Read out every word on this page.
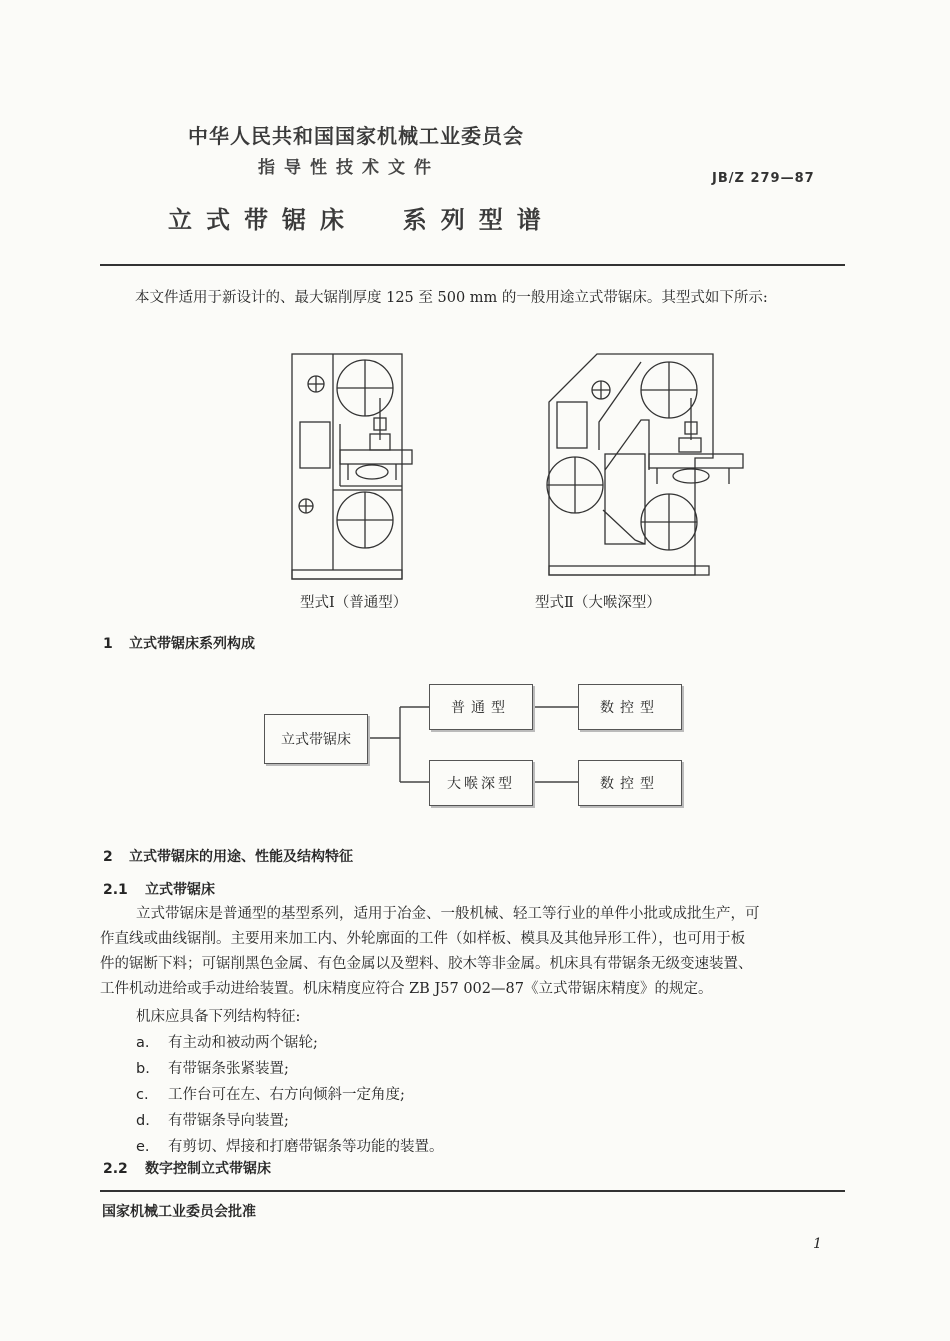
中华人民共和国国家机械工业委员会
指导性技术文件
JB/Z 279—87
立式带锯床  系列型谱
本文件适用于新设计的、最大锯削厚度 125 至 500 mm 的一般用途立式带锯床。其型式如下所示:
型式Ⅰ（普通型）	型式Ⅱ（大喉深型）
1 立式带锯床系列构成
立式带锯床
普通型	数控型
大喉深型	数控型
2 立式带锯床的用途、性能及结构特征
2.1 立式带锯床
立式带锯床是普通型的基型系列，适用于冶金、一般机械、轻工等行业的单件小批或成批生产，可
作直线或曲线锯削。主要用来加工内、外轮廓面的工件（如样板、模具及其他异形工件），也可用于板
件的锯断下料；可锯削黑色金属、有色金属以及塑料、胶木等非金属。机床具有带锯条无级变速装置、
工件机动进给或手动进给装置。机床精度应符合 ZB J57 002—87《立式带锯床精度》的规定。
机床应具备下列结构特征:
a. 有主动和被动两个锯轮;
b. 有带锯条张紧装置;
c. 工作台可在左、右方向倾斜一定角度;
d. 有带锯条导向装置;
e. 有剪切、焊接和打磨带锯条等功能的装置。
2.2 数字控制立式带锯床
国家机械工业委员会批准
1
